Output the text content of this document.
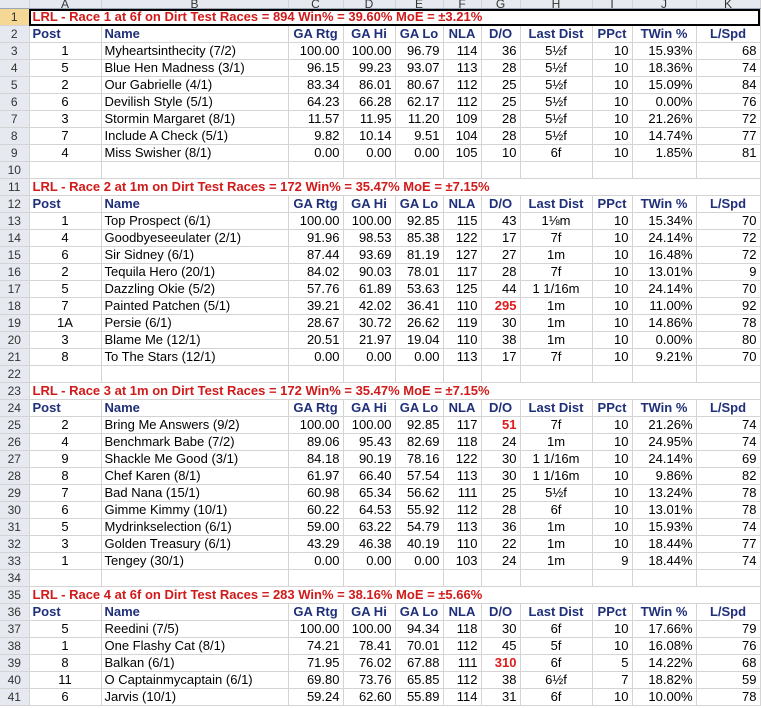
	A	B	C	D	E	F	G	H	I	J	K
1	LRL - Race 1 at 6f on Dirt Test Races = 894 Win% = 39.60% MoE = ±3.21%										
2	Post	Name	GA Rtg	GA Hi	GA Lo	NLA	D/O	Last Dist	PPct	TWin %	L/Spd
3	1	Myheartsinthecity (7/2)	100.00	100.00	96.79	114	36	5½f	10	15.93%	68
4	5	Blue Hen Madness (3/1)	96.15	99.23	93.07	113	28	5½f	10	18.36%	74
5	2	Our Gabrielle (4/1)	83.34	86.01	80.67	112	25	5½f	10	15.09%	84
6	6	Devilish Style (5/1)	64.23	66.28	62.17	112	25	5½f	10	0.00%	76
7	3	Stormin Margaret (8/1)	11.57	11.95	11.20	109	28	5½f	10	21.26%	72
8	7	Include A Check (5/1)	9.82	10.14	9.51	104	28	5½f	10	14.74%	77
9	4	Miss Swisher (8/1)	0.00	0.00	0.00	105	10	6f	10	1.85%	81
10											
11	LRL - Race 2 at 1m on Dirt Test Races = 172 Win% = 35.47% MoE = ±7.15%										
12	Post	Name	GA Rtg	GA Hi	GA Lo	NLA	D/O	Last Dist	PPct	TWin %	L/Spd
13	1	Top Prospect (6/1)	100.00	100.00	92.85	115	43	1⅛m	10	15.34%	70
14	4	Goodbyeseeulater (2/1)	91.96	98.53	85.38	122	17	7f	10	24.14%	72
15	6	Sir Sidney (6/1)	87.44	93.69	81.19	127	27	1m	10	16.48%	72
16	2	Tequila Hero (20/1)	84.02	90.03	78.01	117	28	7f	10	13.01%	9
17	5	Dazzling Okie (5/2)	57.76	61.89	53.63	125	44	1 1/16m	10	24.14%	70
18	7	Painted Patchen (5/1)	39.21	42.02	36.41	110	295	1m	10	11.00%	92
19	1A	Persie (6/1)	28.67	30.72	26.62	119	30	1m	10	14.86%	78
20	3	Blame Me (12/1)	20.51	21.97	19.04	110	38	1m	10	0.00%	80
21	8	To The Stars (12/1)	0.00	0.00	0.00	113	17	7f	10	9.21%	70
22											
23	LRL - Race 3 at 1m on Dirt Test Races = 172 Win% = 35.47% MoE = ±7.15%										
24	Post	Name	GA Rtg	GA Hi	GA Lo	NLA	D/O	Last Dist	PPct	TWin %	L/Spd
25	2	Bring Me Answers (9/2)	100.00	100.00	92.85	117	51	7f	10	21.26%	74
26	4	Benchmark Babe (7/2)	89.06	95.43	82.69	118	24	1m	10	24.95%	74
27	9	Shackle Me Good (3/1)	84.18	90.19	78.16	122	30	1 1/16m	10	24.14%	69
28	8	Chef Karen (8/1)	61.97	66.40	57.54	113	30	1 1/16m	10	9.86%	82
29	7	Bad Nana (15/1)	60.98	65.34	56.62	111	25	5½f	10	13.24%	78
30	6	Gimme Kimmy (10/1)	60.22	64.53	55.92	112	28	6f	10	13.01%	78
31	5	Mydrinkselection (6/1)	59.00	63.22	54.79	113	36	1m	10	15.93%	74
32	3	Golden Treasury (6/1)	43.29	46.38	40.19	110	22	1m	10	18.44%	77
33	1	Tengey (30/1)	0.00	0.00	0.00	103	24	1m	9	18.44%	74
34											
35	LRL - Race 4 at 6f on Dirt Test Races = 283 Win% = 38.16% MoE = ±5.66%										
36	Post	Name	GA Rtg	GA Hi	GA Lo	NLA	D/O	Last Dist	PPct	TWin %	L/Spd
37	5	Reedini (7/5)	100.00	100.00	94.34	118	30	6f	10	17.66%	79
38	1	One Flashy Cat (8/1)	74.21	78.41	70.01	112	45	5f	10	16.08%	76
39	8	Balkan (6/1)	71.95	76.02	67.88	111	310	6f	5	14.22%	68
40	11	O Captainmycaptain (6/1)	69.80	73.76	65.85	112	38	6½f	7	18.82%	59
41	6	Jarvis (10/1)	59.24	62.60	55.89	114	31	6f	10	10.00%	78
